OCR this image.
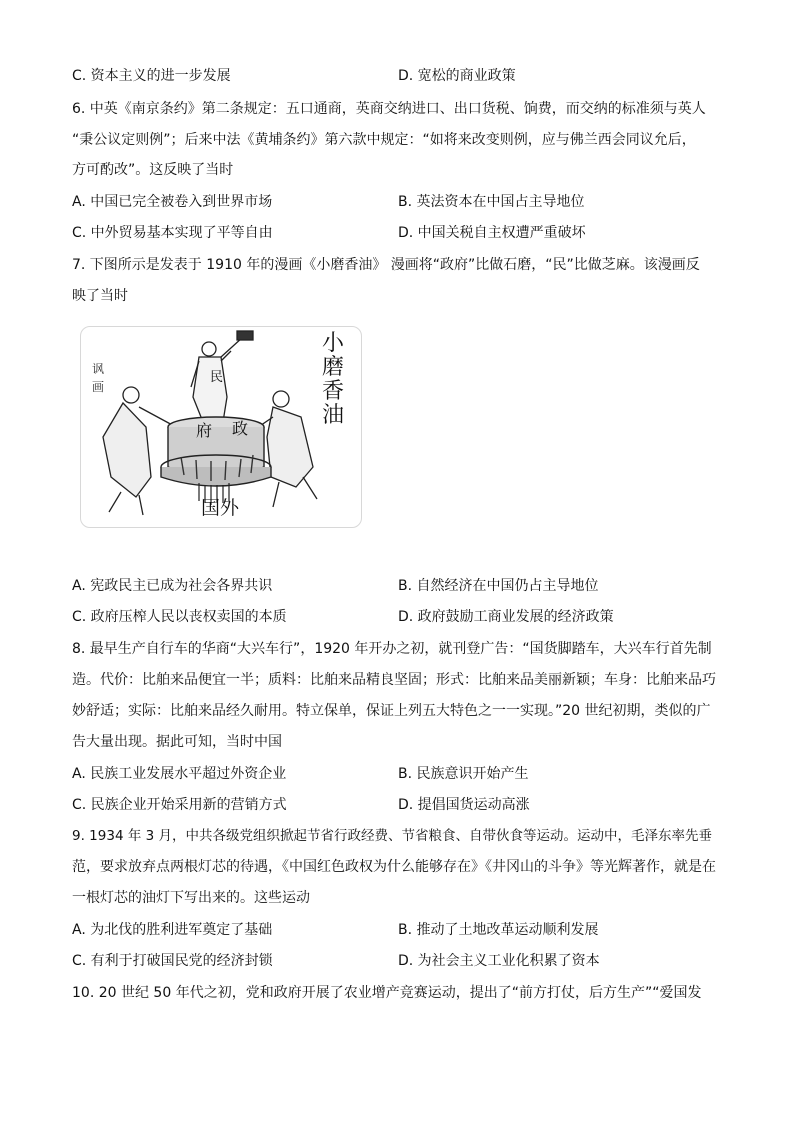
C. 资本主义的进一步发展	D. 宽松的商业政策
6. 中英《南京条约》第二条规定：五口通商，英商交纳进口、出口货税、饷费，而交纳的标准须与英人
“秉公议定则例”；后来中法《黄埔条约》第六款中规定：“如将来改变则例，应与佛兰西会同议允后，
方可酌改”。这反映了当时
A. 中国已完全被卷入到世界市场	B. 英法资本在中国占主导地位
C. 中外贸易基本实现了平等自由	D. 中国关税自主权遭严重破坏
7. 下图所示是发表于 1910 年的漫画《小磨香油》 漫画将“政府”比做石磨，“民”比做芝麻。该漫画反
映了当时
小
磨
香
油
民
府 政
国外
讽
画
A. 宪政民主已成为社会各界共识	B. 自然经济在中国仍占主导地位
C. 政府压榨人民以丧权卖国的本质	D. 政府鼓励工商业发展的经济政策
8. 最早生产自行车的华商“大兴车行”，1920 年开办之初，就刊登广告：“国货脚踏车，大兴车行首先制
造。代价：比舶来品便宜一半；质料：比舶来品精良坚固；形式：比舶来品美丽新颖；车身：比舶来品巧
妙舒适；实际：比舶来品经久耐用。特立保单，保证上列五大特色之一一实现。”20 世纪初期，类似的广
告大量出现。据此可知，当时中国
A. 民族工业发展水平超过外资企业	B. 民族意识开始产生
C. 民族企业开始采用新的营销方式	D. 提倡国货运动高涨
9. 1934 年 3 月，中共各级党组织掀起节省行政经费、节省粮食、自带伙食等运动。运动中，毛泽东率先垂
范，要求放弃点两根灯芯的待遇，《中国红色政权为什么能够存在》《井冈山的斗争》等光辉著作，就是在
一根灯芯的油灯下写出来的。这些运动
A. 为北伐的胜利进军奠定了基础	B. 推动了土地改革运动顺利发展
C. 有利于打破国民党的经济封锁	D. 为社会主义工业化积累了资本
10. 20 世纪 50 年代之初，党和政府开展了农业增产竞赛运动，提出了“前方打仗，后方生产”“爱国发
